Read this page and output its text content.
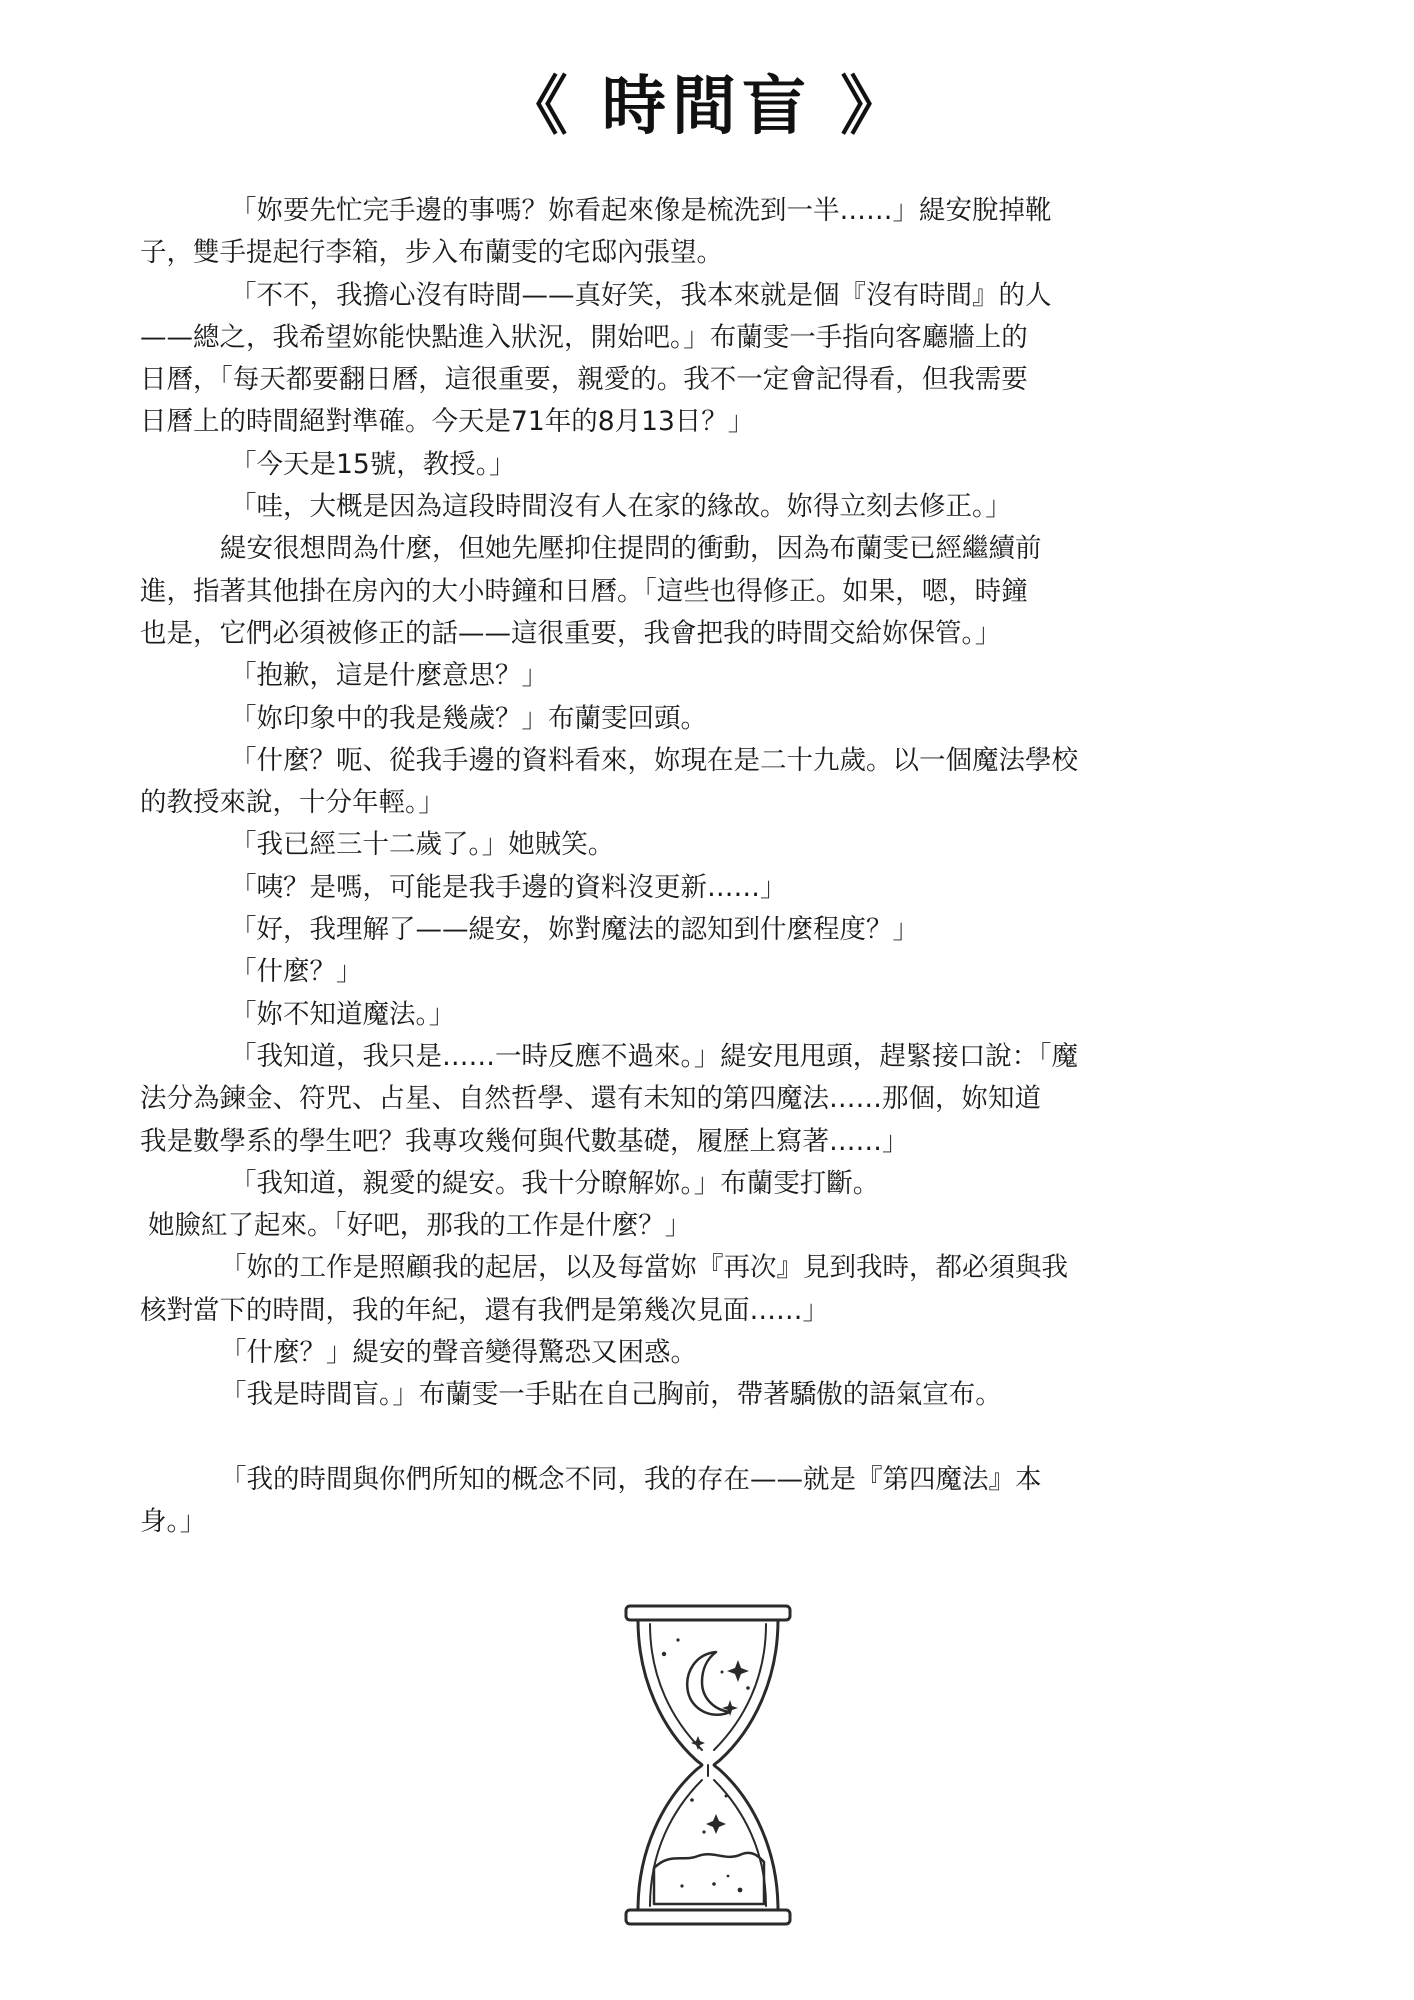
《 時間盲 》
「妳要先忙完手邊的事嗎？妳看起來像是梳洗到一半……」緹安脫掉靴
子，雙手提起行李箱，步入布蘭雯的宅邸內張望。
「不不，我擔心沒有時間——真好笑，我本來就是個『沒有時間』的人
——總之，我希望妳能快點進入狀況，開始吧。」布蘭雯一手指向客廳牆上的
日曆，「每天都要翻日曆，這很重要，親愛的。我不一定會記得看，但我需要
日曆上的時間絕對準確。今天是71年的8月13日？」
「今天是15號，教授。」
「哇，大概是因為這段時間沒有人在家的緣故。妳得立刻去修正。」
緹安很想問為什麼，但她先壓抑住提問的衝動，因為布蘭雯已經繼續前
進，指著其他掛在房內的大小時鐘和日曆。「這些也得修正。如果，嗯，時鐘
也是，它們必須被修正的話——這很重要，我會把我的時間交給妳保管。」
「抱歉，這是什麼意思？」
「妳印象中的我是幾歲？」布蘭雯回頭。
「什麼？呃、從我手邊的資料看來，妳現在是二十九歲。以一個魔法學校
的教授來說，十分年輕。」
「我已經三十二歲了。」她賊笑。
「咦？是嗎，可能是我手邊的資料沒更新……」
「好，我理解了——緹安，妳對魔法的認知到什麼程度？」
「什麼？」
「妳不知道魔法。」
「我知道，我只是……一時反應不過來。」緹安甩甩頭，趕緊接口說：「魔
法分為鍊金、符咒、占星、自然哲學、還有未知的第四魔法……那個，妳知道
我是數學系的學生吧？我專攻幾何與代數基礎，履歷上寫著……」
「我知道，親愛的緹安。我十分瞭解妳。」布蘭雯打斷。
她臉紅了起來。「好吧，那我的工作是什麼？」
「妳的工作是照顧我的起居，以及每當妳『再次』見到我時，都必須與我
核對當下的時間，我的年紀，還有我們是第幾次見面……」
「什麼？」緹安的聲音變得驚恐又困惑。
「我是時間盲。」布蘭雯一手貼在自己胸前，帶著驕傲的語氣宣布。
「我的時間與你們所知的概念不同，我的存在——就是『第四魔法』本
身。」
